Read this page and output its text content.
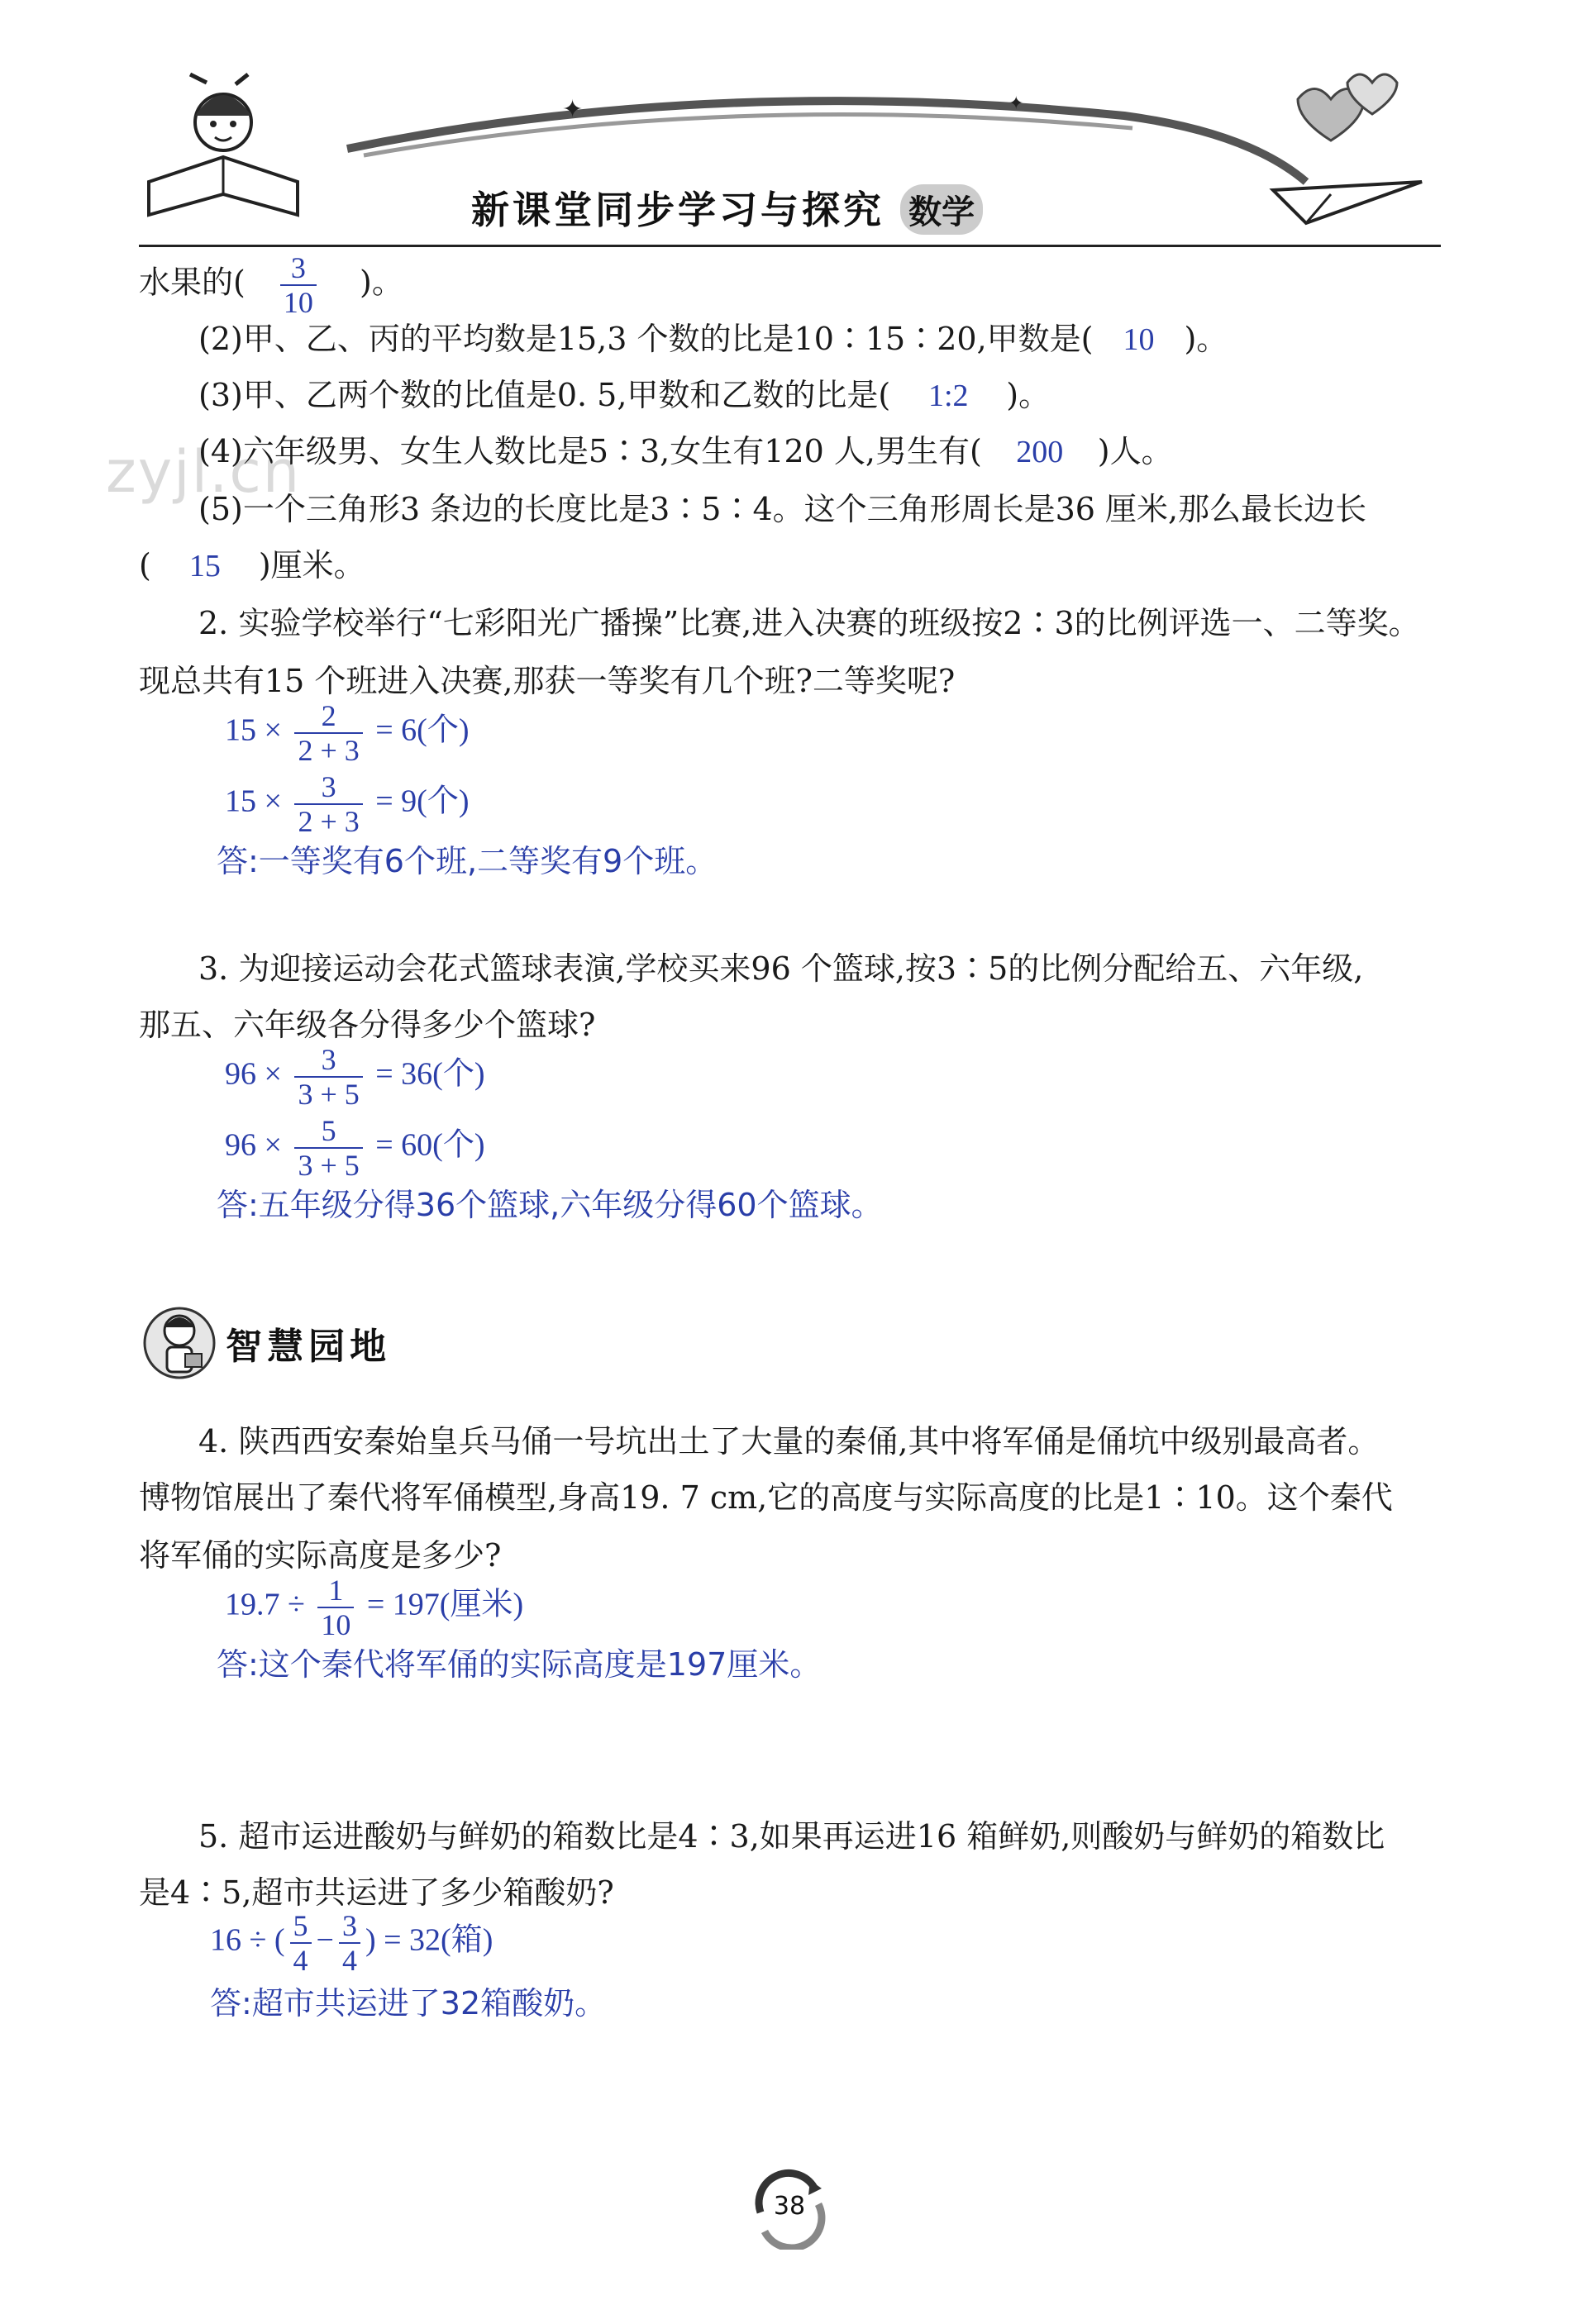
✦	✦
新课堂同步学习与探究 数学
zyjl.cn
水果的( $\frac{3}{10}$ )。
(2)甲、乙、丙的平均数是15,3 个数的比是10∶15∶20,甲数是( 10 )。
(3)甲、乙两个数的比值是0. 5,甲数和乙数的比是( 1:2 )。
(4)六年级男、女生人数比是5∶3,女生有120 人,男生有( 200 )人。
(5)一个三角形3 条边的长度比是3∶5∶4。这个三角形周长是36 厘米,那么最长边长
( 15 )厘米。
2. 实验学校举行“七彩阳光广播操”比赛,进入决赛的班级按2∶3的比例评选一、二等奖。
现总共有15 个班进入决赛,那获一等奖有几个班?二等奖呢?
$15 \times \frac{2}{2 + 3} = 6$(个)
$15 \times \frac{3}{2 + 3} = 9$(个)
答:一等奖有6个班,二等奖有9个班。
3. 为迎接运动会花式篮球表演,学校买来96 个篮球,按3∶5的比例分配给五、六年级,
那五、六年级各分得多少个篮球?
$96 \times \frac{3}{3 + 5} = 36$(个)
$96 \times \frac{5}{3 + 5} = 60$(个)
答:五年级分得36个篮球,六年级分得60个篮球。
智慧园地
4. 陕西西安秦始皇兵马俑一号坑出土了大量的秦俑,其中将军俑是俑坑中级别最高者。
博物馆展出了秦代将军俑模型,身高19. 7 cm,它的高度与实际高度的比是1∶10。这个秦代
将军俑的实际高度是多少?
$19.7 \div \frac{1}{10} = 197$(厘米)
答:这个秦代将军俑的实际高度是197厘米。
5. 超市运进酸奶与鲜奶的箱数比是4∶3,如果再运进16 箱鲜奶,则酸奶与鲜奶的箱数比
是4∶5,超市共运进了多少箱酸奶?
16 ÷ ( $\frac{5}{4} - \frac{3}{4}$ ) = 32(箱)
答:超市共运进了32箱酸奶。
38
